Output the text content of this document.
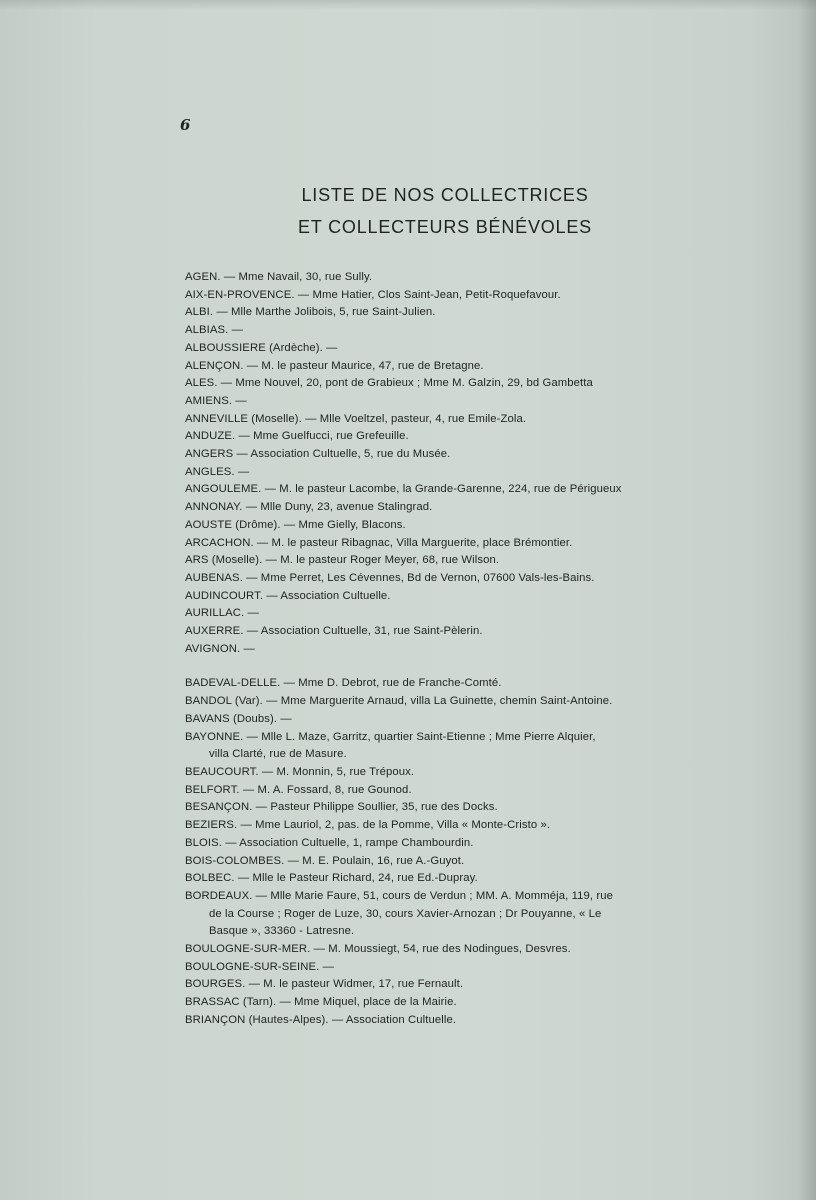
6
LISTE DE NOS COLLECTRICES
ET COLLECTEURS BÉNÉVOLES
AGEN. — Mme Navail, 30, rue Sully.
AIX-EN-PROVENCE. — Mme Hatier, Clos Saint-Jean, Petit-Roquefavour.
ALBI. — Mlle Marthe Jolibois, 5, rue Saint-Julien.
ALBIAS. —
ALBOUSSIERE (Ardèche). —
ALENÇON. — M. le pasteur Maurice, 47, rue de Bretagne.
ALES. — Mme Nouvel, 20, pont de Grabieux ; Mme M. Galzin, 29, bd Gambetta
AMIENS. —
ANNEVILLE (Moselle). — Mlle Voeltzel, pasteur, 4, rue Emile-Zola.
ANDUZE. — Mme Guelfucci, rue Grefeuille.
ANGERS — Association Cultuelle, 5, rue du Musée.
ANGLES. —
ANGOULEME. — M. le pasteur Lacombe, la Grande-Garenne, 224, rue de Périgueux
ANNONAY. — Mlle Duny, 23, avenue Stalingrad.
AOUSTE (Drôme). — Mme Gielly, Blacons.
ARCACHON. — M. le pasteur Ribagnac, Villa Marguerite, place Brémontier.
ARS (Moselle). — M. le pasteur Roger Meyer, 68, rue Wilson.
AUBENAS. — Mme Perret, Les Cévennes, Bd de Vernon, 07600 Vals-les-Bains.
AUDINCOURT. — Association Cultuelle.
AURILLAC. —
AUXERRE. — Association Cultuelle, 31, rue Saint-Pèlerin.
AVIGNON. —
BADEVAL-DELLE. — Mme D. Debrot, rue de Franche-Comté.
BANDOL (Var). — Mme Marguerite Arnaud, villa La Guinette, chemin Saint-Antoine.
BAVANS (Doubs). —
BAYONNE. — Mlle L. Maze, Garritz, quartier Saint-Etienne ; Mme Pierre Alquier,
villa Clarté, rue de Masure.
BEAUCOURT. — M. Monnin, 5, rue Trépoux.
BELFORT. — M. A. Fossard, 8, rue Gounod.
BESANÇON. — Pasteur Philippe Soullier, 35, rue des Docks.
BEZIERS. — Mme Lauriol, 2, pas. de la Pomme, Villa « Monte-Cristo ».
BLOIS. — Association Cultuelle, 1, rampe Chambourdin.
BOIS-COLOMBES. — M. E. Poulain, 16, rue A.-Guyot.
BOLBEC. — Mlle le Pasteur Richard, 24, rue Ed.-Dupray.
BORDEAUX. — Mlle Marie Faure, 51, cours de Verdun ; MM. A. Momméja, 119, rue
de la Course ; Roger de Luze, 30, cours Xavier-Arnozan ; Dr Pouyanne, « Le
Basque », 33360 - Latresne.
BOULOGNE-SUR-MER. — M. Moussiegt, 54, rue des Nodingues, Desvres.
BOULOGNE-SUR-SEINE. —
BOURGES. — M. le pasteur Widmer, 17, rue Fernault.
BRASSAC (Tarn). — Mme Miquel, place de la Mairie.
BRIANÇON (Hautes-Alpes). — Association Cultuelle.
